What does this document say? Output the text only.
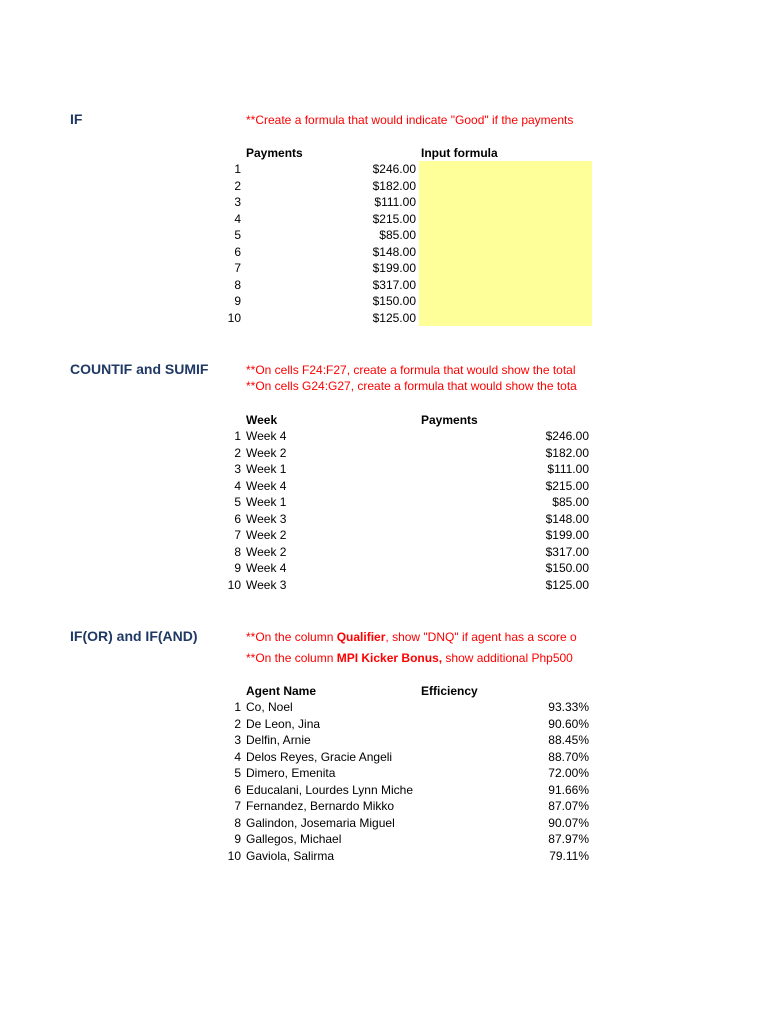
IF	**Create a formula that would indicate "Good" if the payments
Payments	Input formula
1	$246.00
2	$182.00
3	$111.00
4	$215.00
5	$85.00
6	$148.00
7	$199.00
8	$317.00
9	$150.00
10	$125.00
COUNTIF and SUMIF	**On cells F24:F27, create a formula that would show the total
**On cells G24:G27, create a formula that would show the tota
Week	Payments
1 Week 4	$246.00
2 Week 2	$182.00
3 Week 1	$111.00
4 Week 4	$215.00
5 Week 1	$85.00
6 Week 3	$148.00
7 Week 2	$199.00
8 Week 2	$317.00
9 Week 4	$150.00
10 Week 3	$125.00
IF(OR) and IF(AND)	**On the column Qualifier, show "DNQ" if agent has a score o
**On the column MPI Kicker Bonus, show additional Php500
Agent Name	Efficiency
1 Co, Noel	93.33%
2 De Leon, Jina	90.60%
3 Delfin, Arnie	88.45%
4 Delos Reyes, Gracie Angeli	88.70%
5 Dimero, Emenita	72.00%
6 Educalani, Lourdes Lynn Miche	91.66%
7 Fernandez, Bernardo Mikko	87.07%
8 Galindon, Josemaria Miguel	90.07%
9 Gallegos, Michael	87.97%
10 Gaviola, Salirma	79.11%
